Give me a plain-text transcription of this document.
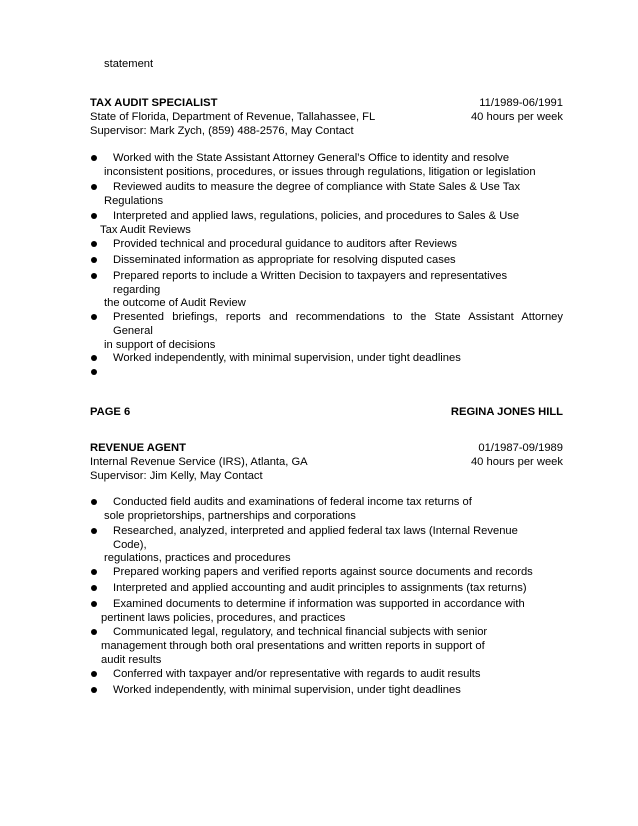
statement
TAX AUDIT SPECIALIST	11/1989-06/1991
State of Florida, Department of Revenue, Tallahassee, FL	40 hours per week
Supervisor: Mark Zych, (859) 488-2576, May Contact
Worked with the State Assistant Attorney General’s Office to identity and resolve
inconsistent positions, procedures, or issues through regulations, litigation or legislation
Reviewed audits to measure the degree of compliance with State Sales & Use Tax
Regulations
Interpreted and applied laws, regulations, policies, and procedures to Sales & Use
Tax Audit Reviews
Provided technical and procedural guidance to auditors after Reviews
Disseminated information as appropriate for resolving disputed cases
Prepared reports to include a Written Decision to taxpayers and representatives
regarding
the outcome of Audit Review
Presented briefings, reports and recommendations to the State Assistant Attorney
General
in support of decisions
Worked independently, with minimal supervision, under tight deadlines
PAGE 6	REGINA JONES HILL
REVENUE AGENT	01/1987-09/1989
Internal Revenue Service (IRS), Atlanta, GA	40 hours per week
Supervisor: Jim Kelly, May Contact
Conducted field audits and examinations of federal income tax returns of
sole proprietorships, partnerships and corporations
Researched, analyzed, interpreted and applied federal tax laws (Internal Revenue
Code),
regulations, practices and procedures
Prepared working papers and verified reports against source documents and records
Interpreted and applied accounting and audit principles to assignments (tax returns)
Examined documents to determine if information was supported in accordance with
pertinent laws policies, procedures, and practices
Communicated legal, regulatory, and technical financial subjects with senior
management through both oral presentations and written reports in support of
audit results
Conferred with taxpayer and/or representative with regards to audit results
Worked independently, with minimal supervision, under tight deadlines
